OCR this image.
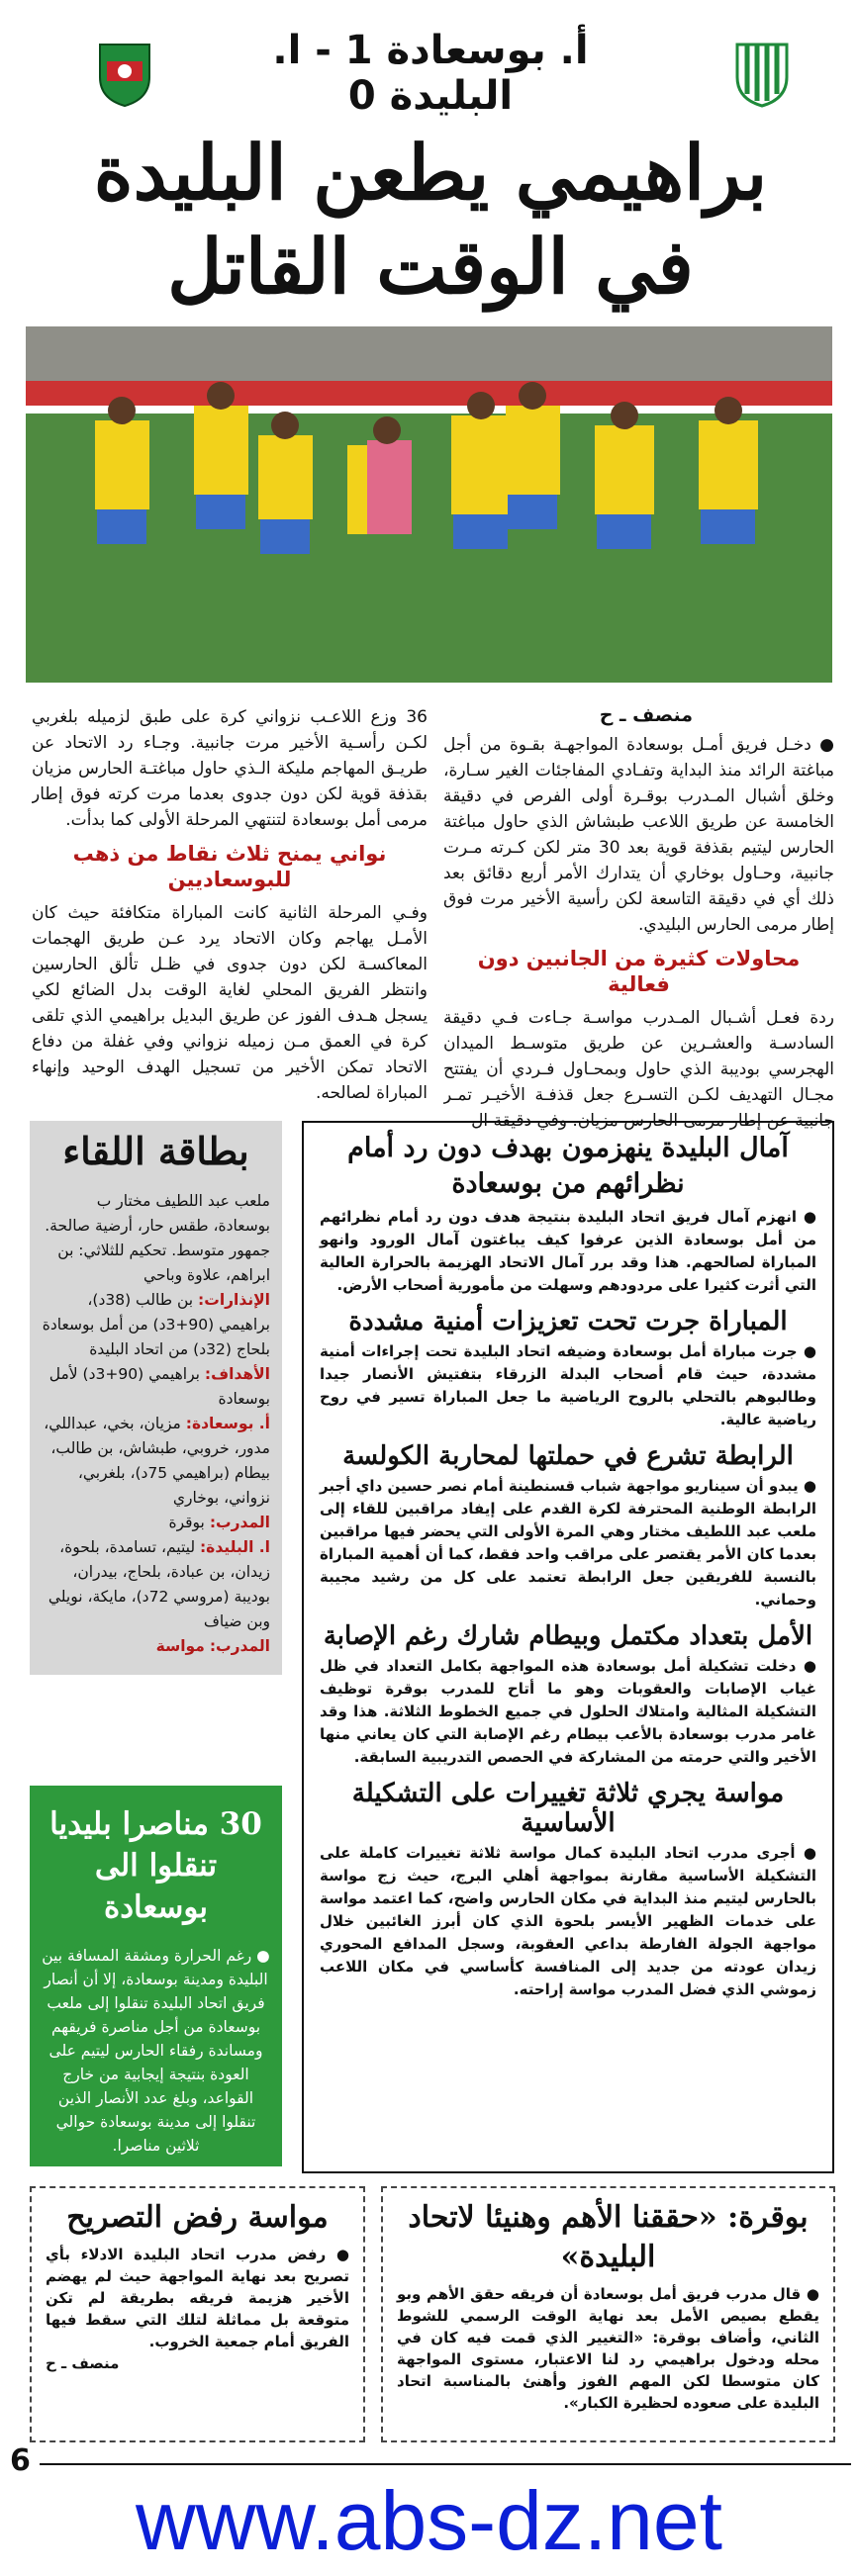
أ. بوسعادة 1 - ا. البليدة 0
براهيمي يطعن البليدة
في الوقت القاتل
منصف ـ ح
● دخـل فريق أمـل بوسعادة المواجهـة بقـوة من أجل مباغتة الرائد منذ البداية وتفـادي المفاجئات الغير سـارة، وخلق أشبال المـدرب بوقـرة أولى الفرص في دقيقة الخامسة عن طريق اللاعب طبشاش الذي حاول مباغتة الحارس ليتيم بقذفة قوية بعد 30 متر لكن كـرته مـرت جانبية، وحـاول بوخاري أن يتدارك الأمر أربع دقائق بعد ذلك أي في دقيقة التاسعة لكن رأسية الأخير مرت فوق إطار مرمى الحارس البليدي.
محاولات كثيرة من الجانبين دون فعالية
ردة فعـل أشـبال المـدرب مواسـة جـاءت فـي دقيقة السادسـة والعشـرين عن طريق متوسـط الميدان الهجرسي بوديبة الذي حاول وبمحـاول فـردي أن يفتتح مجـال التهديف لكـن التسـرع جعل قذفـة الأخيـر تمـر جانبية عن إطار مرمى الحارس مزيان. وفي دقيقة ال
36 وزع اللاعـب نزواني كرة على طبق لزميله بلغربي لكـن رأسـية الأخير مرت جانبية. وجـاء رد الاتحاد عن طريـق المهاجم مليكة الـذي حاول مباغتـة الحارس مزيان بقذفة قوية لكن دون جدوى بعدما مرت كرته فوق إطار مرمى أمل بوسعادة لتنتهي المرحلة الأولى كما بدأت.
نواني يمنح ثلاث نقاط من ذهب للبوسعاديين
وفـي المرحلة الثانية كانت المباراة متكافئة حيث كان الأمـل يهاجم وكان الاتحاد يرد عـن طريق الهجمات المعاكسـة لكن دون جدوى في ظـل تألق الحارسين وانتظر الفريق المحلي لغاية الوقت بدل الضائع لكي يسجل هـدف الفوز عن طريق البديل براهيمي الذي تلقى كرة في العمق مـن زميله نزواني وفي غفلة من دفاع الاتحاد تمكن الأخير من تسجيل الهدف الوحيد وإنهاء المباراة لصالحه.
بطاقة اللقاء
ملعب عبد اللطيف مختار ب بوسعادة، طقس حار، أرضية صالحة. جمهور متوسط. تحكيم للثلاثي: بن ابراهم، علاوة وباحي
الإنذارات: بن طالب (38د)، براهيمي (90+3د) من أمل بوسعادة بلحاج (32د) من اتحاد البليدة
الأهداف: براهيمي (90+3د) لأمل بوسعادة
أ. بوسعادة: مزيان، بخي، عبداللي، مدور، خروبي، طبشاش، بن طالب، بيطام (براهيمي 75د)، بلغربي، نزواني، بوخاري
المدرب: بوقرة
ا. البليدة: ليتيم، تسامدة، بلحوة، زيدان، بن عبادة، بلحاج، بيدران، بوديبة (مروسي 72د)، مايكة، نويلي وبن ضياف
المدرب: مواسة
30 مناصرا بليديا تنقلوا الى بوسعادة
● رغم الحرارة ومشقة المسافة بين البليدة ومدينة بوسعادة، إلا أن أنصار فريق اتحاد البليدة تنقلوا إلى ملعب بوسعادة من أجل مناصرة فريقهم ومساندة رفقاء الحارس ليتيم على العودة بنتيجة إيجابية من خارج القواعد، وبلغ عدد الأنصار الذين تنقلوا إلى مدينة بوسعادة حوالي ثلاثين مناصرا.
آمال البليدة ينهزمون بهدف دون رد أمام نظرائهم من بوسعادة
● انهزم آمال فريق اتحاد البليدة بنتيجة هدف دون رد أمام نظرائهم من أمل بوسعادة الذين عرفوا كيف يباغتون آمال الورود وانهو المباراة لصالحهم. هذا وقد برر آمال الاتحاد الهزيمة بالحرارة العالية التي أثرت كثيرا على مردودهم وسهلت من مأمورية أصحاب الأرض.
المباراة جرت تحت تعزيزات أمنية مشددة
● جرت مباراة أمل بوسعادة وضيفه اتحاد البليدة تحت إجراءات أمنية مشددة، حيث قام أصحاب البدلة الزرقاء بتفتيش الأنصار جيدا وطالبوهم بالتحلي بالروح الرياضية ما جعل المباراة تسير في روح رياضية عالية.
الرابطة تشرع في حملتها لمحاربة الكولسة
● يبدو أن سيناريو مواجهة شباب قسنطينة أمام نصر حسين داي أجبر الرابطة الوطنية المحترفة لكرة القدم على إيفاد مراقبين للقاء إلى ملعب عبد اللطيف مختار وهي المرة الأولى التي يحضر فيها مراقبين بعدما كان الأمر يقتصر على مراقب واحد فقط، كما أن أهمية المباراة بالنسبة للفريقين جعل الرابطة تعتمد على كل من رشيد مجيبة وحماني.
الأمل بتعداد مكتمل وبيطام شارك رغم الإصابة
● دخلت تشكيلة أمل بوسعادة هذه المواجهة بكامل التعداد في ظل غياب الإصابات والعقوبات وهو ما أتاح للمدرب بوقرة توظيف التشكيلة المثالية وامتلاك الحلول في جميع الخطوط الثلاثة. هذا وقد غامر مدرب بوسعادة بالأعب بيطام رغم الإصابة التي كان يعاني منها الأخير والتي حرمته من المشاركة في الحصص التدريبية السابقة.
مواسة يجري ثلاثة تغييرات على التشكيلة الأساسية
● أجرى مدرب اتحاد البليدة كمال مواسة ثلاثة تغييرات كاملة على التشكيلة الأساسية مقارنة بمواجهة أهلي البرج، حيث زج مواسة بالحارس ليتيم منذ البداية في مكان الحارس واضح، كما اعتمد مواسة على خدمات الظهير الأيسر بلحوة الذي كان أبرز الغائبين خلال مواجهة الجولة الفارطة بداعي العقوبة، وسجل المدافع المحوري زيدان عودته من جديد إلى المنافسة كأساسي في مكان اللاعب زموشي الذي فضل المدرب مواسة إراحته.
بوقرة: «حققنا الأهم وهنيئا لاتحاد البليدة»
● قال مدرب فريق أمل بوسعادة أن فريقه حقق الأهم وبو يقطع بصيص الأمل بعد نهاية الوقت الرسمي للشوط الثاني، وأضاف بوقرة: «التغيير الذي قمت فيه كان في محله ودخول براهيمي رد لنا الاعتبار، مستوى المواجهة كان متوسطا لكن المهم الفوز وأهنئ بالمناسبة اتحاد البليدة على صعوده لحظيرة الكبار».
مواسة رفض التصريح
● رفض مدرب اتحاد البليدة الادلاء بأي تصريح بعد نهاية المواجهة حيث لم يهضم الأخير هزيمة فريقه بطريقة لم تكن متوقعة بل مماثلة لتلك التي سقط فيها الفريق أمام جمعية الخروب.
منصف ـ ح
6
www.abs-dz.net
